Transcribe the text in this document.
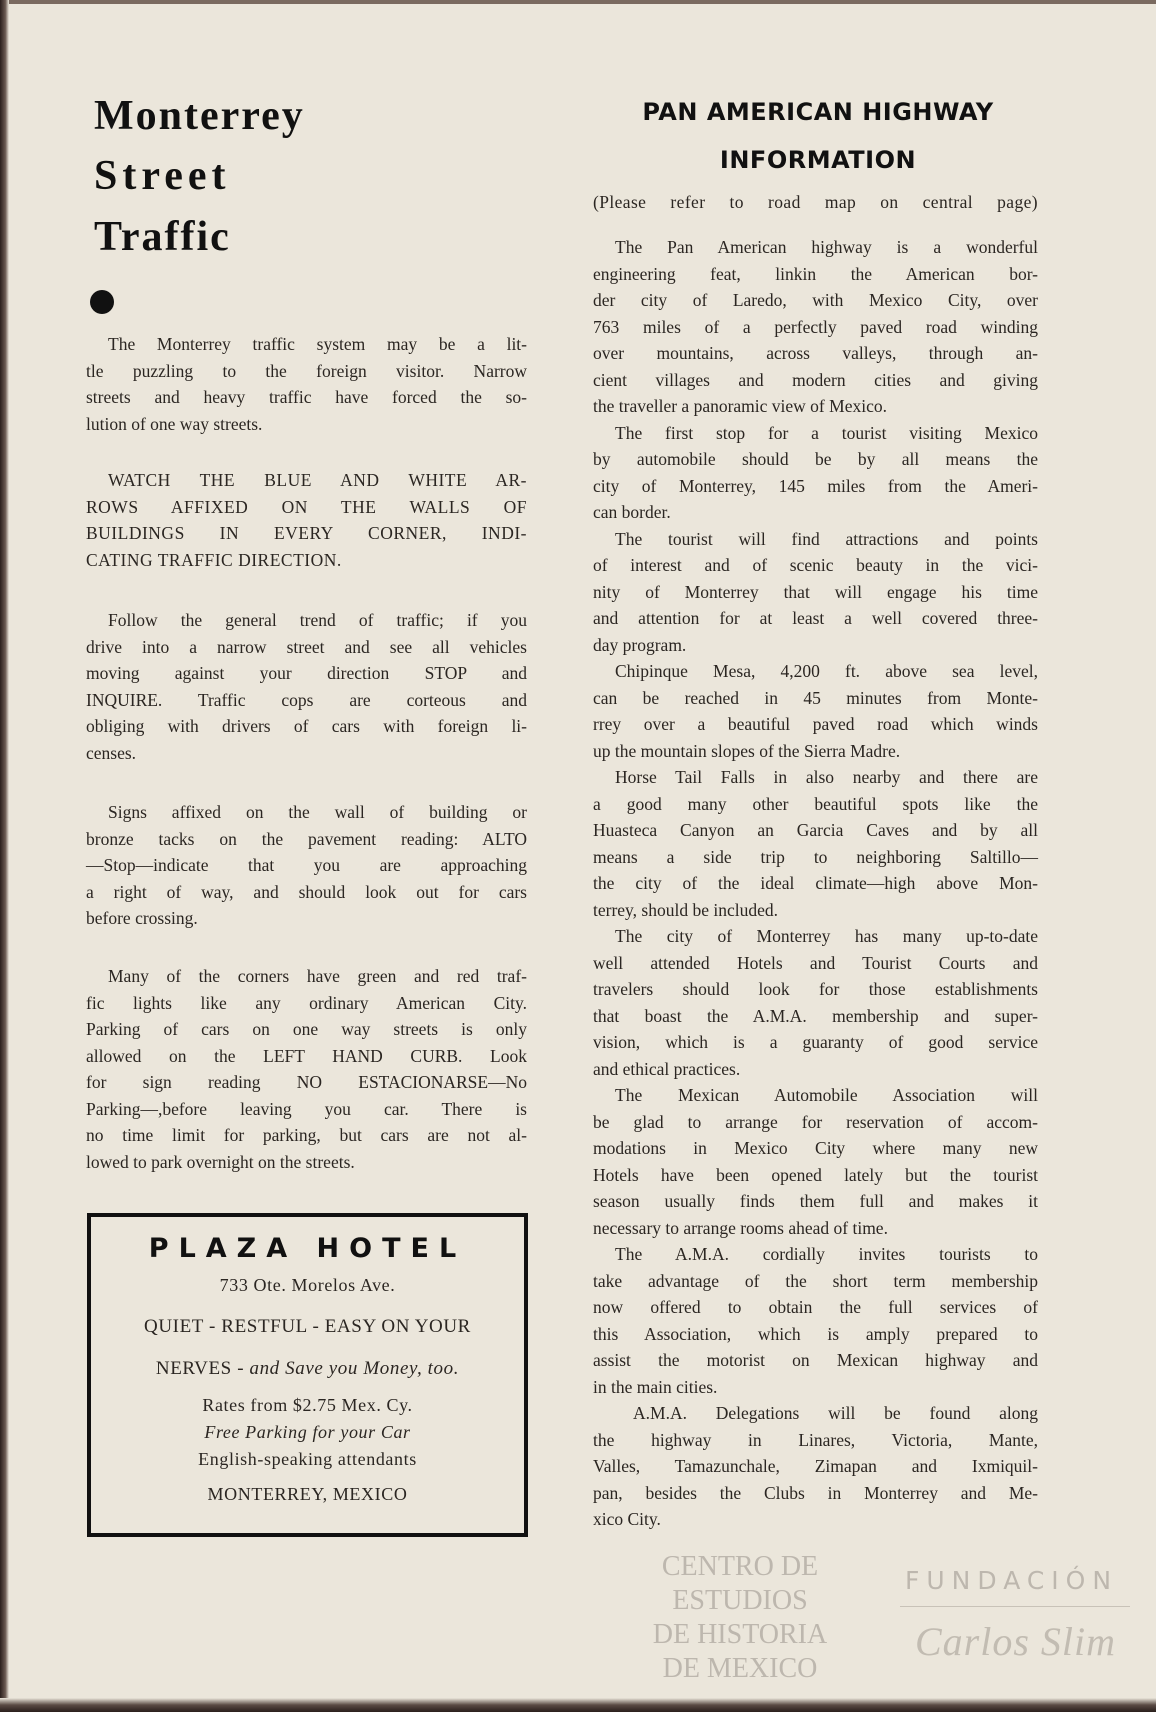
CENTRO DE
ESTUDIOS
DE HISTORIA
DE MEXICO
FUNDACIÓN
Carlos Slim
Monterrey
Street
Traffic
The Monterrey traffic system may be a lit-
tle puzzling to the foreign visitor. Narrow
streets and heavy traffic have forced the so-
lution of one way streets.
WATCH THE BLUE AND WHITE AR-
ROWS AFFIXED ON THE WALLS OF
BUILDINGS IN EVERY CORNER, INDI-
CATING TRAFFIC DIRECTION.
Follow the general trend of traffic; if you
drive into a narrow street and see all vehicles
moving against your direction STOP and
INQUIRE. Traffic cops are corteous and
obliging with drivers of cars with foreign li-
censes.
Signs affixed on the wall of building or
bronze tacks on the pavement reading: ALTO
—Stop—indicate that you are approaching
a right of way, and should look out for cars
before crossing.
Many of the corners have green and red traf-
fic lights like any ordinary American City.
Parking of cars on one way streets is only
allowed on the LEFT HAND CURB. Look
for sign reading NO ESTACIONARSE—No
Parking—,before leaving you car. There is
no time limit for parking, but cars are not al-
lowed to park overnight on the streets.
PLAZA HOTEL
733 Ote. Morelos Ave.
QUIET - RESTFUL - EASY ON YOUR
NERVES - and Save you Money, too.
Rates from $2.75 Mex. Cy.
Free Parking for your Car
English-speaking attendants
MONTERREY, MEXICO
PAN AMERICAN HIGHWAY
INFORMATION
(Please refer to road map on central page)
The Pan American highway is a wonderful
engineering feat, linkin the American bor-
der city of Laredo, with Mexico City, over
763 miles of a perfectly paved road winding
over mountains, across valleys, through an-
cient villages and modern cities and giving
the traveller a panoramic view of Mexico.
The first stop for a tourist visiting Mexico
by automobile should be by all means the
city of Monterrey, 145 miles from the Ameri-
can border.
The tourist will find attractions and points
of interest and of scenic beauty in the vici-
nity of Monterrey that will engage his time
and attention for at least a well covered three-
day program.
Chipinque Mesa, 4,200 ft. above sea level,
can be reached in 45 minutes from Monte-
rrey over a beautiful paved road which winds
up the mountain slopes of the Sierra Madre.
Horse Tail Falls in also nearby and there are
a good many other beautiful spots like the
Huasteca Canyon an Garcia Caves and by all
means a side trip to neighboring Saltillo—
the city of the ideal climate—high above Mon-
terrey, should be included.
The city of Monterrey has many up-to-date
well attended Hotels and Tourist Courts and
travelers should look for those establishments
that boast the A.M.A. membership and super-
vision, which is a guaranty of good service
and ethical practices.
The Mexican Automobile Association will
be glad to arrange for reservation of accom-
modations in Mexico City where many new
Hotels have been opened lately but the tourist
season usually finds them full and makes it
necessary to arrange rooms ahead of time.
The A.M.A. cordially invites tourists to
take advantage of the short term membership
now offered to obtain the full services of
this Association, which is amply prepared to
assist the motorist on Mexican highway and
in the main cities.
A.M.A. Delegations will be found along
the highway in Linares, Victoria, Mante,
Valles, Tamazunchale, Zimapan and Ixmiquil-
pan, besides the Clubs in Monterrey and Me-
xico City.
